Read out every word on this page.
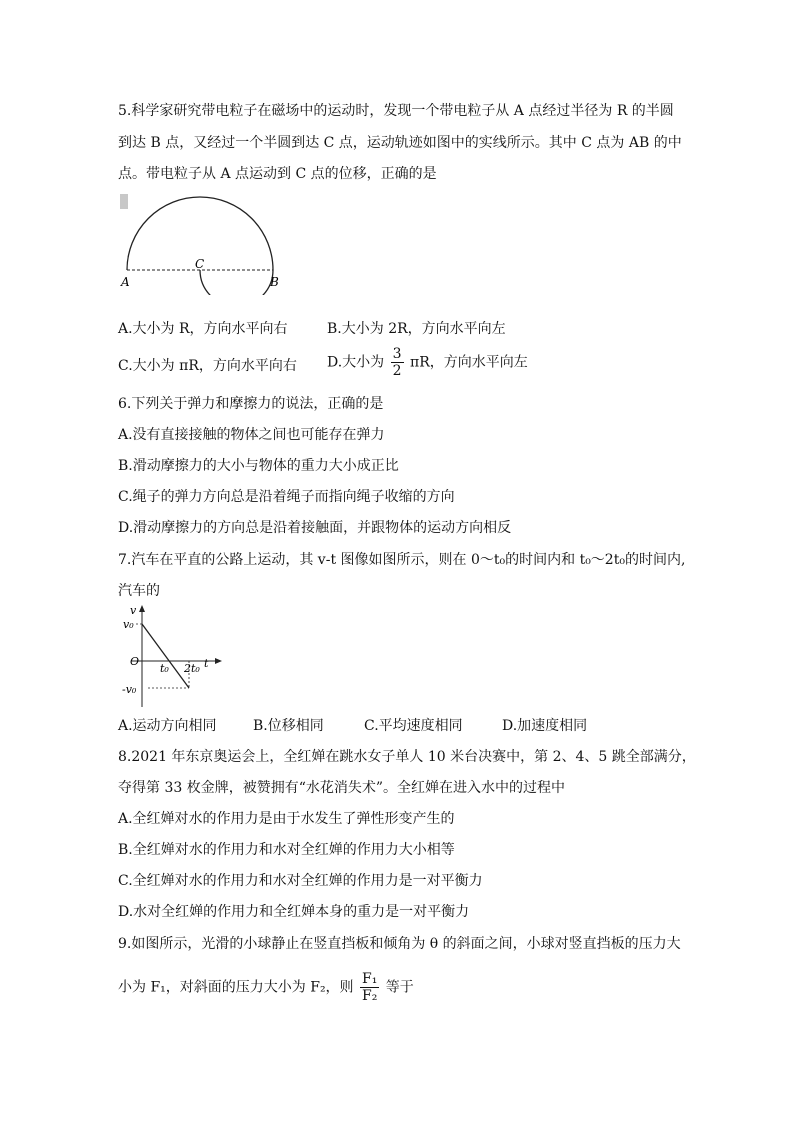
5.科学家研究带电粒子在磁场中的运动时，发现一个带电粒子从 A 点经过半径为 R 的半圆
到达 B 点，又经过一个半圆到达 C 点，运动轨迹如图中的实线所示。其中 C 点为 AB 的中
点。带电粒子从 A 点运动到 C 点的位移，正确的是
A
C
B
A.大小为 R，方向水平向右	B.大小为 2R，方向水平向左
C.大小为 πR，方向水平向右 D.大小为 $\frac{3}{2}$ πR，方向水平向左
6.下列关于弹力和摩擦力的说法，正确的是
A.没有直接接触的物体之间也可能存在弹力
B.滑动摩擦力的大小与物体的重力大小成正比
C.绳子的弹力方向总是沿着绳子而指向绳子收缩的方向
D.滑动摩擦力的方向总是沿着接触面，并跟物体的运动方向相反
7.汽车在平直的公路上运动，其 v-t 图像如图所示，则在 0～t₀的时间内和 t₀～2t₀的时间内,
汽车的
v
v₀
O
t₀ 2t₀ t
-v₀
A.运动方向相同	B.位移相同	C.平均速度相同	D.加速度相同
8.2021 年东京奥运会上，全红婵在跳水女子单人 10 米台决赛中，第 2、4、5 跳全部满分，
夺得第 33 枚金牌，被赞拥有“水花消失术”。全红婵在进入水中的过程中
A.全红婵对水的作用力是由于水发生了弹性形变产生的
B.全红婵对水的作用力和水对全红婵的作用力大小相等
C.全红婵对水的作用力和水对全红婵的作用力是一对平衡力
D.水对全红婵的作用力和全红婵本身的重力是一对平衡力
9.如图所示，光滑的小球静止在竖直挡板和倾角为 θ 的斜面之间，小球对竖直挡板的压力大
小为 F₁，对斜面的压力大小为 F₂，则 $\frac{\text{F₁}}{\text{F₂}}$ 等于
